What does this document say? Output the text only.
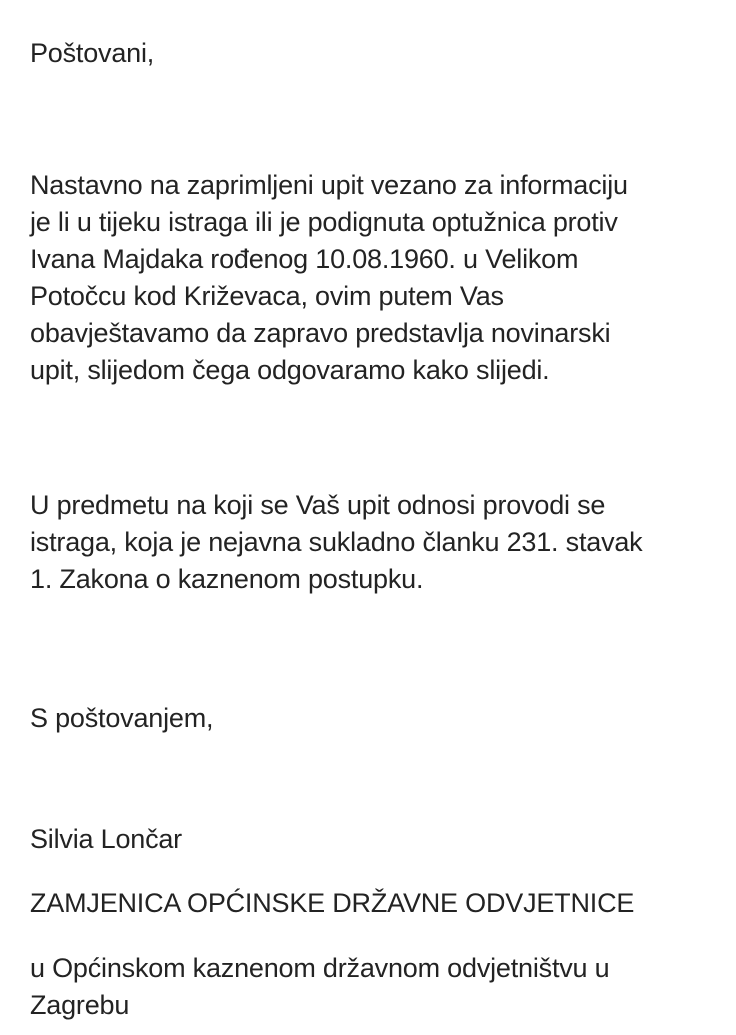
Poštovani,

Nastavno na zaprimljeni upit vezano za informaciju
je li u tijeku istraga ili je podignuta optužnica protiv
Ivana Majdaka rođenog 10.08.1960. u Velikom
Potočcu kod Križevaca, ovim putem Vas
obavještavamo da zapravo predstavlja novinarski
upit, slijedom čega odgovaramo kako slijedi.

U predmetu na koji se Vaš upit odnosi provodi se
istraga, koja je nejavna sukladno članku 231. stavak
1. Zakona o kaznenom postupku.

S poštovanjem,

Silvia Lončar

ZAMJENICA OPĆINSKE DRŽAVNE ODVJETNICE

u Općinskom kaznenom državnom odvjetništvu u
Zagrebu
